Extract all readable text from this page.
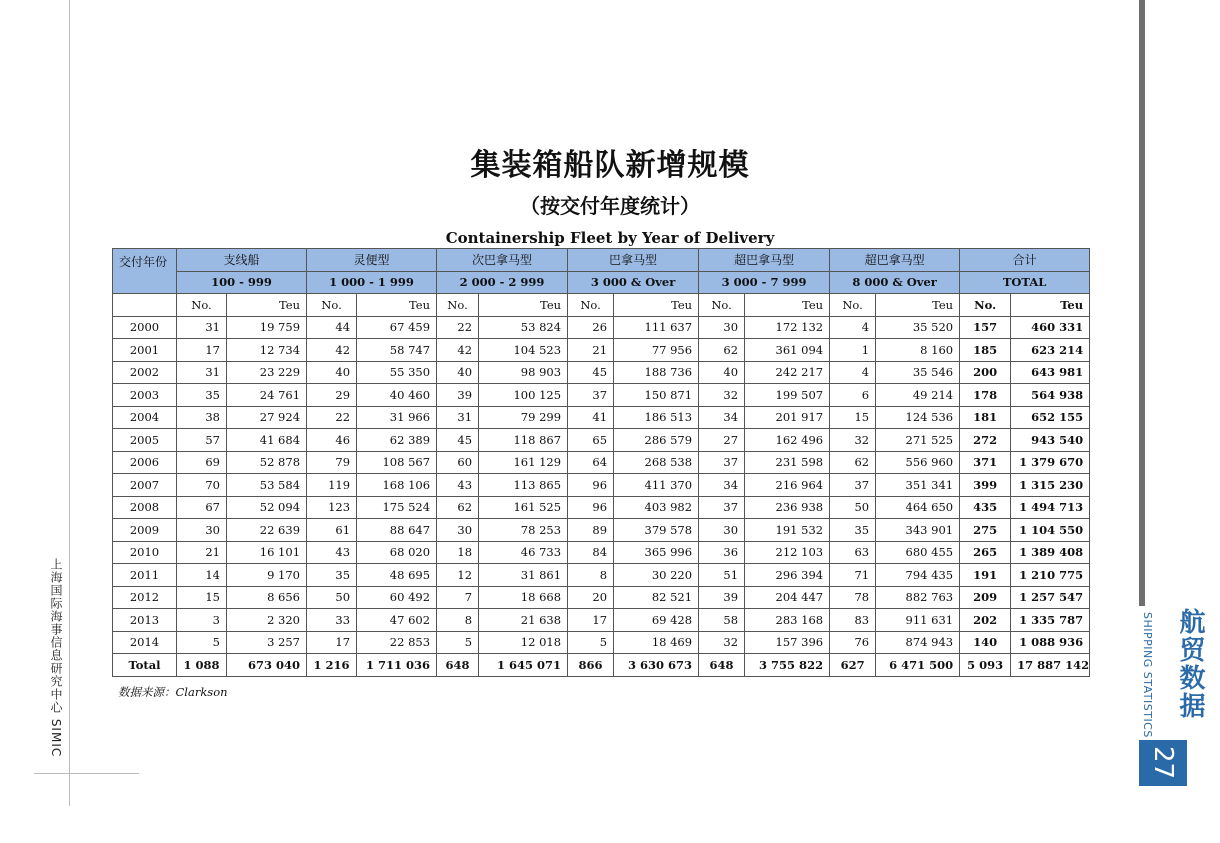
上海国际海事信息研究中心 SIMIC	航贸数据
SHIPPING STATISTICS
27
集装箱船队新增规模
（按交付年度统计）
Containership Fleet by Year of Delivery
交付年份	支线船		灵便型		次巴拿马型		巴拿马型		超巴拿马型		超巴拿马型		合计	
	100 - 999		1 000 - 1 999		2 000 - 2 999		3 000 & Over		3 000 - 7 999		8 000 & Over		TOTAL	
	No.	Teu	No.	Teu	No.	Teu	No.	Teu	No.	Teu	No.	Teu	No.	Teu
2000	31	19 759	44	67 459	22	53 824	26	111 637	30	172 132	4	35 520	157	460 331
2001	17	12 734	42	58 747	42	104 523	21	77 956	62	361 094	1	8 160	185	623 214
2002	31	23 229	40	55 350	40	98 903	45	188 736	40	242 217	4	35 546	200	643 981
2003	35	24 761	29	40 460	39	100 125	37	150 871	32	199 507	6	49 214	178	564 938
2004	38	27 924	22	31 966	31	79 299	41	186 513	34	201 917	15	124 536	181	652 155
2005	57	41 684	46	62 389	45	118 867	65	286 579	27	162 496	32	271 525	272	943 540
2006	69	52 878	79	108 567	60	161 129	64	268 538	37	231 598	62	556 960	371	1 379 670
2007	70	53 584	119	168 106	43	113 865	96	411 370	34	216 964	37	351 341	399	1 315 230
2008	67	52 094	123	175 524	62	161 525	96	403 982	37	236 938	50	464 650	435	1 494 713
2009	30	22 639	61	88 647	30	78 253	89	379 578	30	191 532	35	343 901	275	1 104 550
2010	21	16 101	43	68 020	18	46 733	84	365 996	36	212 103	63	680 455	265	1 389 408
2011	14	9 170	35	48 695	12	31 861	8	30 220	51	296 394	71	794 435	191	1 210 775
2012	15	8 656	50	60 492	7	18 668	20	82 521	39	204 447	78	882 763	209	1 257 547
2013	3	2 320	33	47 602	8	21 638	17	69 428	58	283 168	83	911 631	202	1 335 787
2014	5	3 257	17	22 853	5	12 018	5	18 469	32	157 396	76	874 943	140	1 088 936
Total	1 088	673 040	1 216	1 711 036	648	1 645 071	866	3 630 673	648	3 755 822	627	6 471 500	5 093	17 887 142
数据来源：Clarkson
